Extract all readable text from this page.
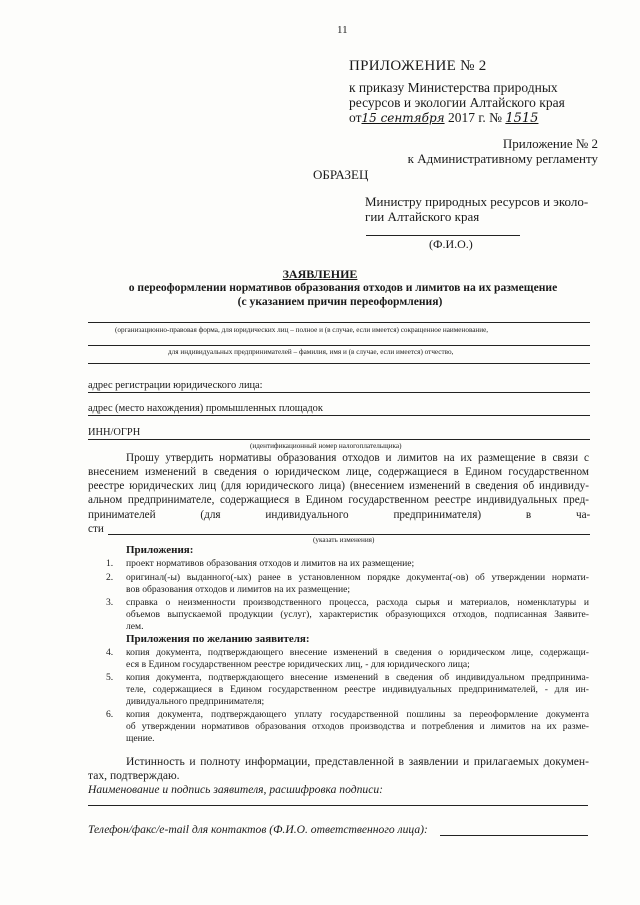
11
ПРИЛОЖЕНИЕ № 2
к приказу Министерства природных
ресурсов и экологии Алтайского края
от15 сентября 2017 г. № 1515
Приложение № 2
к Административному регламенту
ОБРАЗЕЦ
Министру природных ресурсов и эколо-
гии Алтайского края
(Ф.И.О.)
ЗАЯВЛЕНИЕ
о переоформлении нормативов образования отходов и лимитов на их размещение
(с указанием причин переоформления)
(организационно-правовая форма, для юридических лиц – полное и (в случае, если имеется) сокращенное наименование,
для индивидуальных предпринимателей – фамилия, имя и (в случае, если имеется) отчество,
адрес регистрации юридического лица:
адрес (место нахождения) промышленных площадок
ИНН/ОГРН
(идентификационный номер налогоплательщика)
Прошу утвердить нормативы образования отходов и лимитов на их размещение в связи с
внесением изменений в сведения о юридическом лице, содержащиеся в Едином государственном
реестре юридических лиц (для юридического лица) (внесением изменений в сведения об индивиду-
альном предпринимателе, содержащиеся в Едином государственном реестре индивидуальных пред-
принимателей (для индивидуального предпринимателя) в ча-
сти
(указать изменения)
Приложения:
1. проект нормативов образования отходов и лимитов на их размещение;
2. оригинал(-ы) выданного(-ых) ранее в установленном порядке документа(-ов) об утверждении нормати-
вов образования отходов и лимитов на их размещение;
3. справка о неизменности производственного процесса, расхода сырья и материалов, номенклатуры и
объемов выпускаемой продукции (услуг), характеристик образующихся отходов, подписанная Заявите-
лем.
Приложения по желанию заявителя:
4. копия документа, подтверждающего внесение изменений в сведения о юридическом лице, содержащи-
еся в Едином государственном реестре юридических лиц, - для юридического лица;
5. копия документа, подтверждающего внесение изменений в сведения об индивидуальном предпринима-
теле, содержащиеся в Едином государственном реестре индивидуальных предпринимателей, - для ин-
дивидуального предпринимателя;
6. копия документа, подтверждающего уплату государственной пошлины за переоформление документа
об утверждении нормативов образования отходов производства и потребления и лимитов на их разме-
щение.
Истинность и полноту информации, представленной в заявлении и прилагаемых докумен-
тах, подтверждаю.
Наименование и подпись заявителя, расшифровка подписи:
Телефон/факс/e-mail для контактов (Ф.И.О. ответственного лица):
